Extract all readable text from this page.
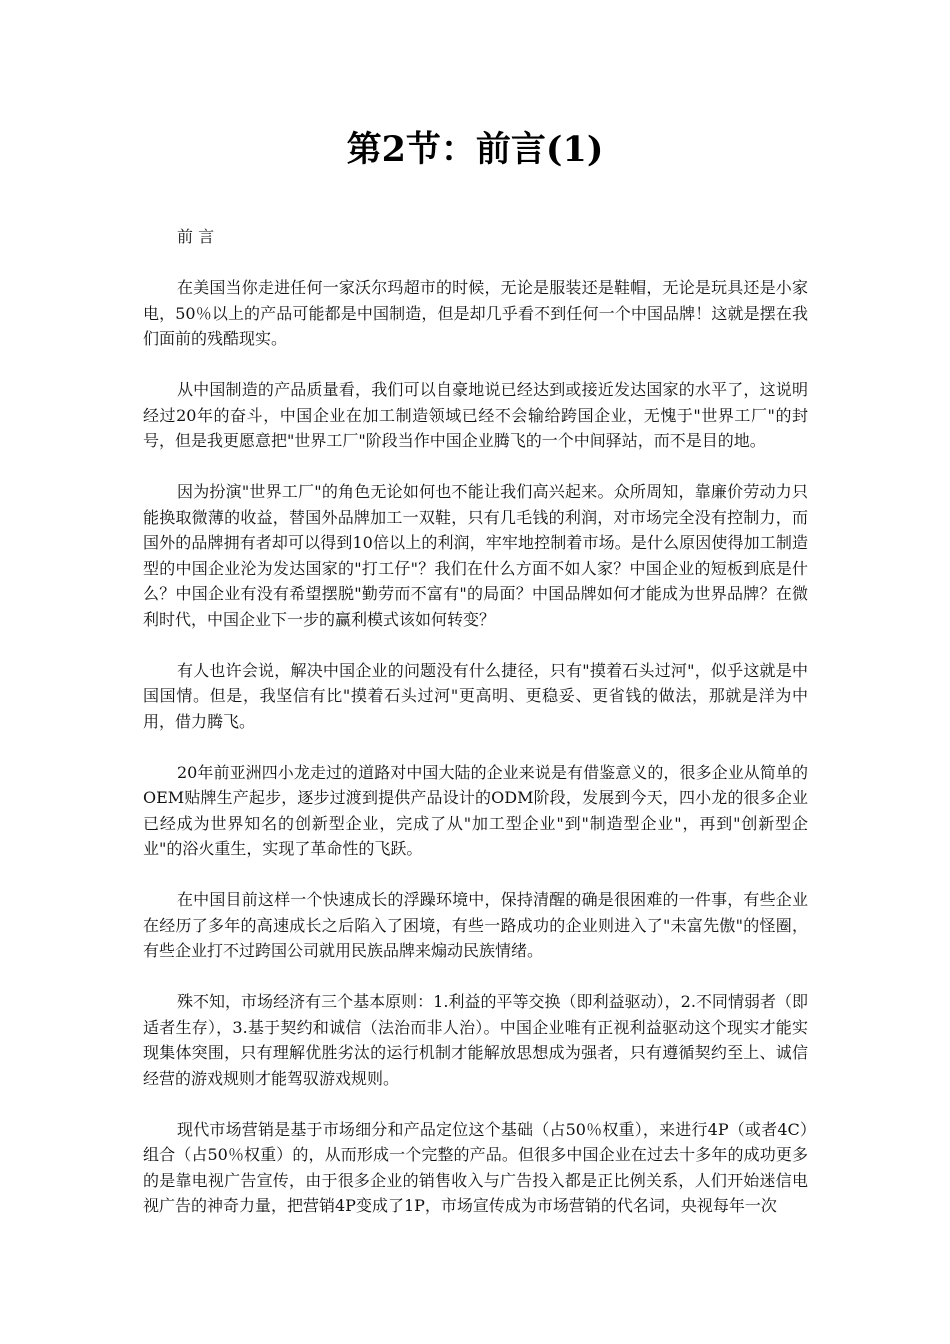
第2节：前言(1)

前 言

在美国当你走进任何一家沃尔玛超市的时候，无论是服装还是鞋帽，无论是玩具还是小家电，50％以上的产品可能都是中国制造，但是却几乎看不到任何一个中国品牌！这就是摆在我们面前的残酷现实。

从中国制造的产品质量看，我们可以自豪地说已经达到或接近发达国家的水平了，这说明经过20年的奋斗，中国企业在加工制造领域已经不会输给跨国企业，无愧于"世界工厂"的封号，但是我更愿意把"世界工厂"阶段当作中国企业腾飞的一个中间驿站，而不是目的地。

因为扮演"世界工厂"的角色无论如何也不能让我们高兴起来。众所周知，靠廉价劳动力只能换取微薄的收益，替国外品牌加工一双鞋，只有几毛钱的利润，对市场完全没有控制力，而国外的品牌拥有者却可以得到10倍以上的利润，牢牢地控制着市场。是什么原因使得加工制造型的中国企业沦为发达国家的"打工仔"？我们在什么方面不如人家？中国企业的短板到底是什么？中国企业有没有希望摆脱"勤劳而不富有"的局面？中国品牌如何才能成为世界品牌？在微利时代，中国企业下一步的赢利模式该如何转变？

有人也许会说，解决中国企业的问题没有什么捷径，只有"摸着石头过河"，似乎这就是中国国情。但是，我坚信有比"摸着石头过河"更高明、更稳妥、更省钱的做法，那就是洋为中用，借力腾飞。

20年前亚洲四小龙走过的道路对中国大陆的企业来说是有借鉴意义的，很多企业从简单的OEM贴牌生产起步，逐步过渡到提供产品设计的ODM阶段，发展到今天，四小龙的很多企业已经成为世界知名的创新型企业，完成了从"加工型企业"到"制造型企业"，再到"创新型企业"的浴火重生，实现了革命性的飞跃。

在中国目前这样一个快速成长的浮躁环境中，保持清醒的确是很困难的一件事，有些企业在经历了多年的高速成长之后陷入了困境，有些一路成功的企业则进入了"未富先傲"的怪圈，有些企业打不过跨国公司就用民族品牌来煽动民族情绪。

殊不知，市场经济有三个基本原则：1.利益的平等交换（即利益驱动），2.不同情弱者（即适者生存），3.基于契约和诚信（法治而非人治）。中国企业唯有正视利益驱动这个现实才能实现集体突围，只有理解优胜劣汰的运行机制才能解放思想成为强者，只有遵循契约至上、诚信经营的游戏规则才能驾驭游戏规则。

现代市场营销是基于市场细分和产品定位这个基础（占50％权重），来进行4P（或者4C）组合（占50％权重）的，从而形成一个完整的产品。但很多中国企业在过去十多年的成功更多的是靠电视广告宣传，由于很多企业的销售收入与广告投入都是正比例关系，人们开始迷信电视广告的神奇力量，把营销4P变成了1P，市场宣传成为市场营销的代名词，央视每年一次
